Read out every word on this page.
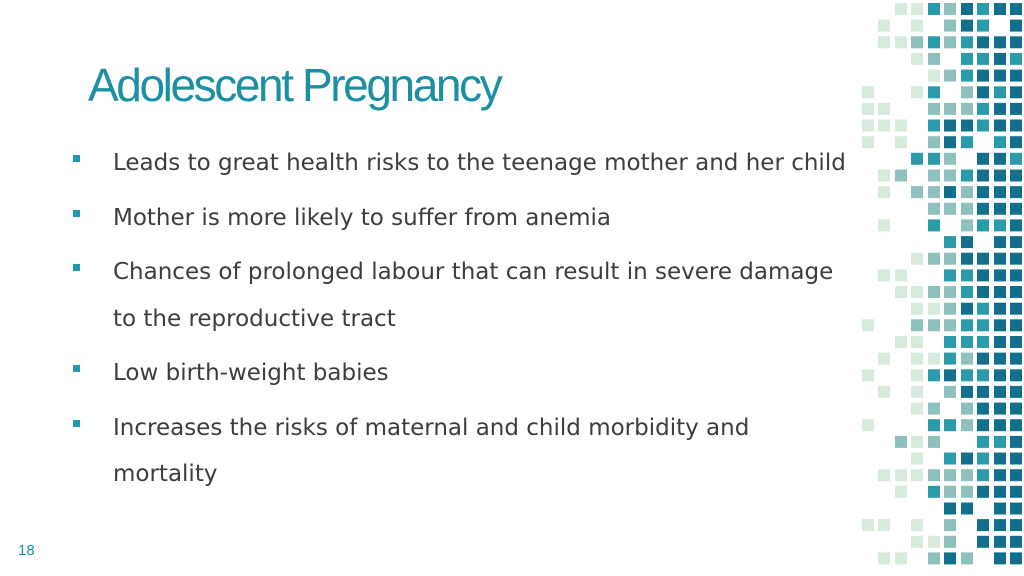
Adolescent Pregnancy
Leads to great health risks to the teenage mother and her child
Mother is more likely to suffer from anemia
Chances of prolonged labour that can result in severe damage to the reproductive tract
Low birth-weight babies
Increases the risks of maternal and child morbidity and mortality
18
